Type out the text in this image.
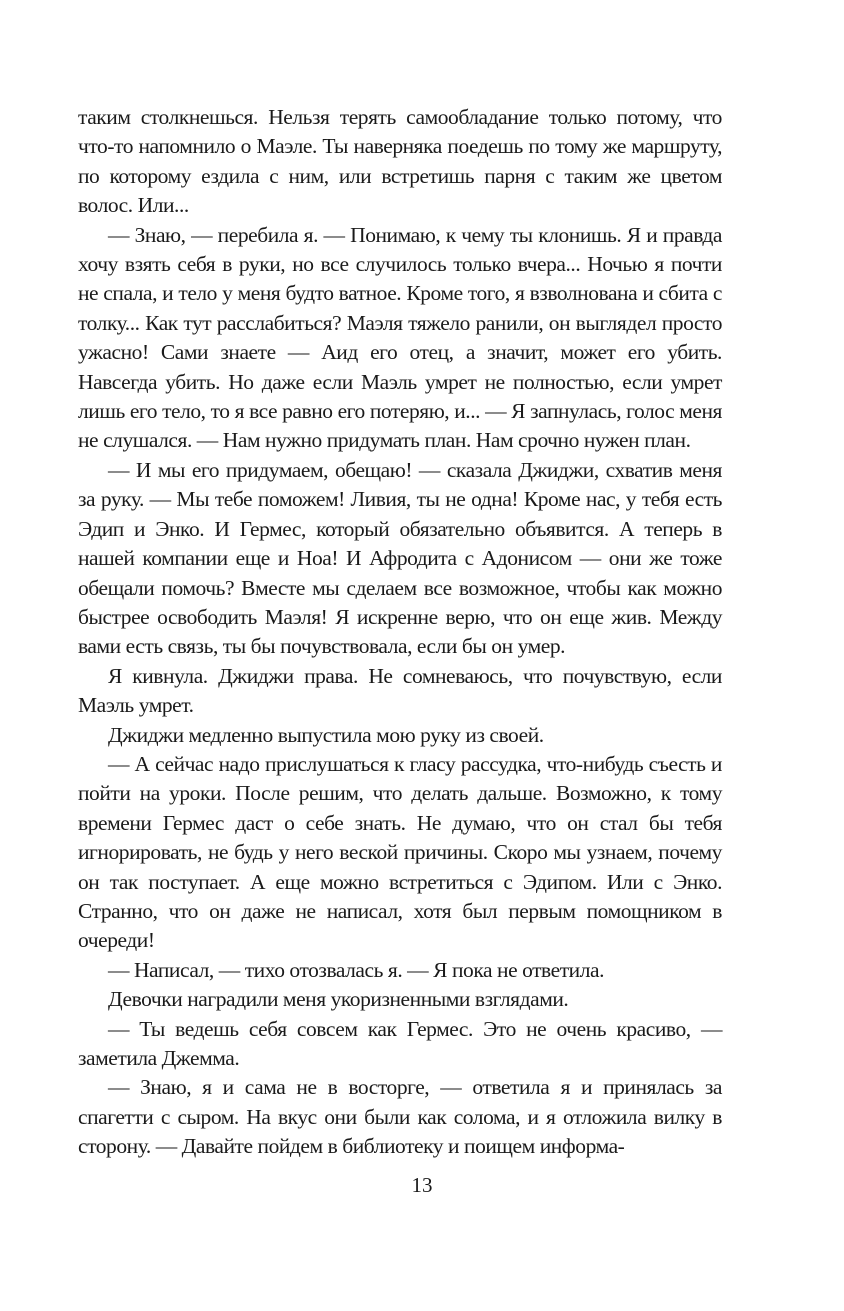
таким столкнешься. Нельзя терять самообладание только потому, что что-то напомнило о Маэле. Ты наверняка поедешь по тому же маршруту, по которому ездила с ним, или встретишь парня с таким же цветом волос. Или...

— Знаю, — перебила я. — Понимаю, к чему ты клонишь. Я и правда хочу взять себя в руки, но все случилось только вчера... Ночью я почти не спала, и тело у меня будто ватное. Кроме того, я взволнована и сбита с толку... Как тут расслабиться? Маэля тяжело ранили, он выглядел просто ужасно! Сами знаете — Аид его отец, а значит, может его убить. Навсегда убить. Но даже если Маэль умрет не полностью, если умрет лишь его тело, то я все равно его потеряю, и... — Я запнулась, голос меня не слушался. — Нам нужно придумать план. Нам срочно нужен план.

— И мы его придумаем, обещаю! — сказала Джиджи, схватив меня за руку. — Мы тебе поможем! Ливия, ты не одна! Кроме нас, у тебя есть Эдип и Энко. И Гермес, который обязательно объявится. А теперь в нашей компании еще и Ноа! И Афродита с Адонисом — они же тоже обещали помочь? Вместе мы сделаем все возможное, чтобы как можно быстрее освободить Маэля! Я искренне верю, что он еще жив. Между вами есть связь, ты бы почувствовала, если бы он умер.

Я кивнула. Джиджи права. Не сомневаюсь, что почувствую, если Маэль умрет.

Джиджи медленно выпустила мою руку из своей.

— А сейчас надо прислушаться к гласу рассудка, что-нибудь съесть и пойти на уроки. После решим, что делать дальше. Возможно, к тому времени Гермес даст о себе знать. Не думаю, что он стал бы тебя игнорировать, не будь у него веской причины. Скоро мы узнаем, почему он так поступает. А еще можно встретиться с Эдипом. Или с Энко. Странно, что он даже не написал, хотя был первым помощником в очереди!

— Написал, — тихо отозвалась я. — Я пока не ответила.

Девочки наградили меня укоризненными взглядами.

— Ты ведешь себя совсем как Гермес. Это не очень красиво, — заметила Джемма.

— Знаю, я и сама не в восторге, — ответила я и принялась за спагетти с сыром. На вкус они были как солома, и я отложила вилку в сторону. — Давайте пойдем в библиотеку и поищем информа-

13
